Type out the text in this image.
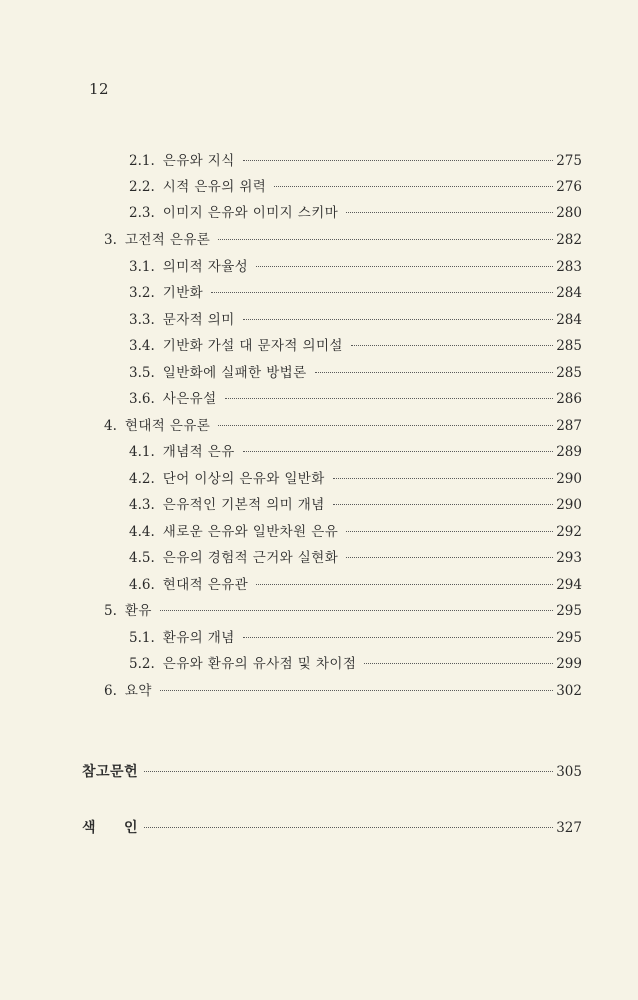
12
2.1. 은유와 지식	275
2.2. 시적 은유의 위력	276
2.3. 이미지 은유와 이미지 스키마	280
3. 고전적 은유론	282
3.1. 의미적 자율성	283
3.2. 기반화	284
3.3. 문자적 의미	284
3.4. 기반화 가설 대 문자적 의미설	285
3.5. 일반화에 실패한 방법론	285
3.6. 사은유설	286
4. 현대적 은유론	287
4.1. 개념적 은유	289
4.2. 단어 이상의 은유와 일반화	290
4.3. 은유적인 기본적 의미 개념	290
4.4. 새로운 은유와 일반차원 은유	292
4.5. 은유의 경험적 근거와 실현화	293
4.6. 현대적 은유관	294
5. 환유	295
5.1. 환유의 개념	295
5.2. 은유와 환유의 유사점 및 차이점	299
6. 요약	302
참고문헌	305
색 인	327
